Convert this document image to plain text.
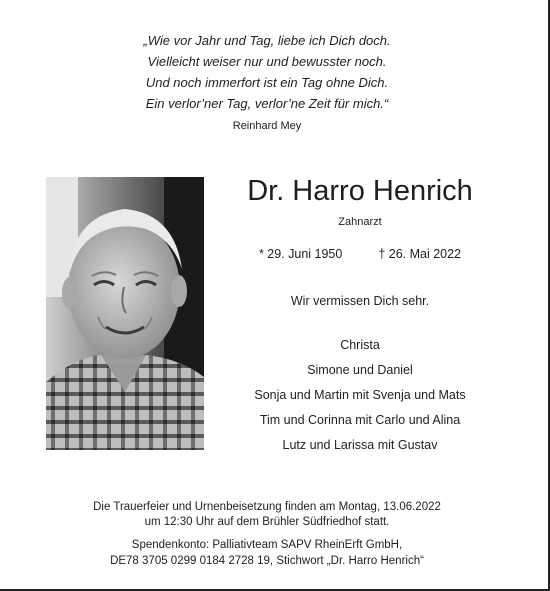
„Wie vor Jahr und Tag, liebe ich Dich doch.
Vielleicht weiser nur und bewusster noch.
Und noch immerfort ist ein Tag ohne Dich.
Ein verlor’ner Tag, verlor’ne Zeit für mich.“
Reinhard Mey
Dr. Harro Henrich
Zahnarzt
* 29. Juni 1950	† 26. Mai 2022
Wir vermissen Dich sehr.
Christa
Simone und Daniel
Sonja und Martin mit Svenja und Mats
Tim und Corinna mit Carlo und Alina
Lutz und Larissa mit Gustav
Die Trauerfeier und Urnenbeisetzung finden am Montag, 13.06.2022
um 12:30 Uhr auf dem Brühler Südfriedhof statt.
Spendenkonto: Palliativteam SAPV RheinErft GmbH,
DE78 3705 0299 0184 2728 19, Stichwort „Dr. Harro Henrich“
